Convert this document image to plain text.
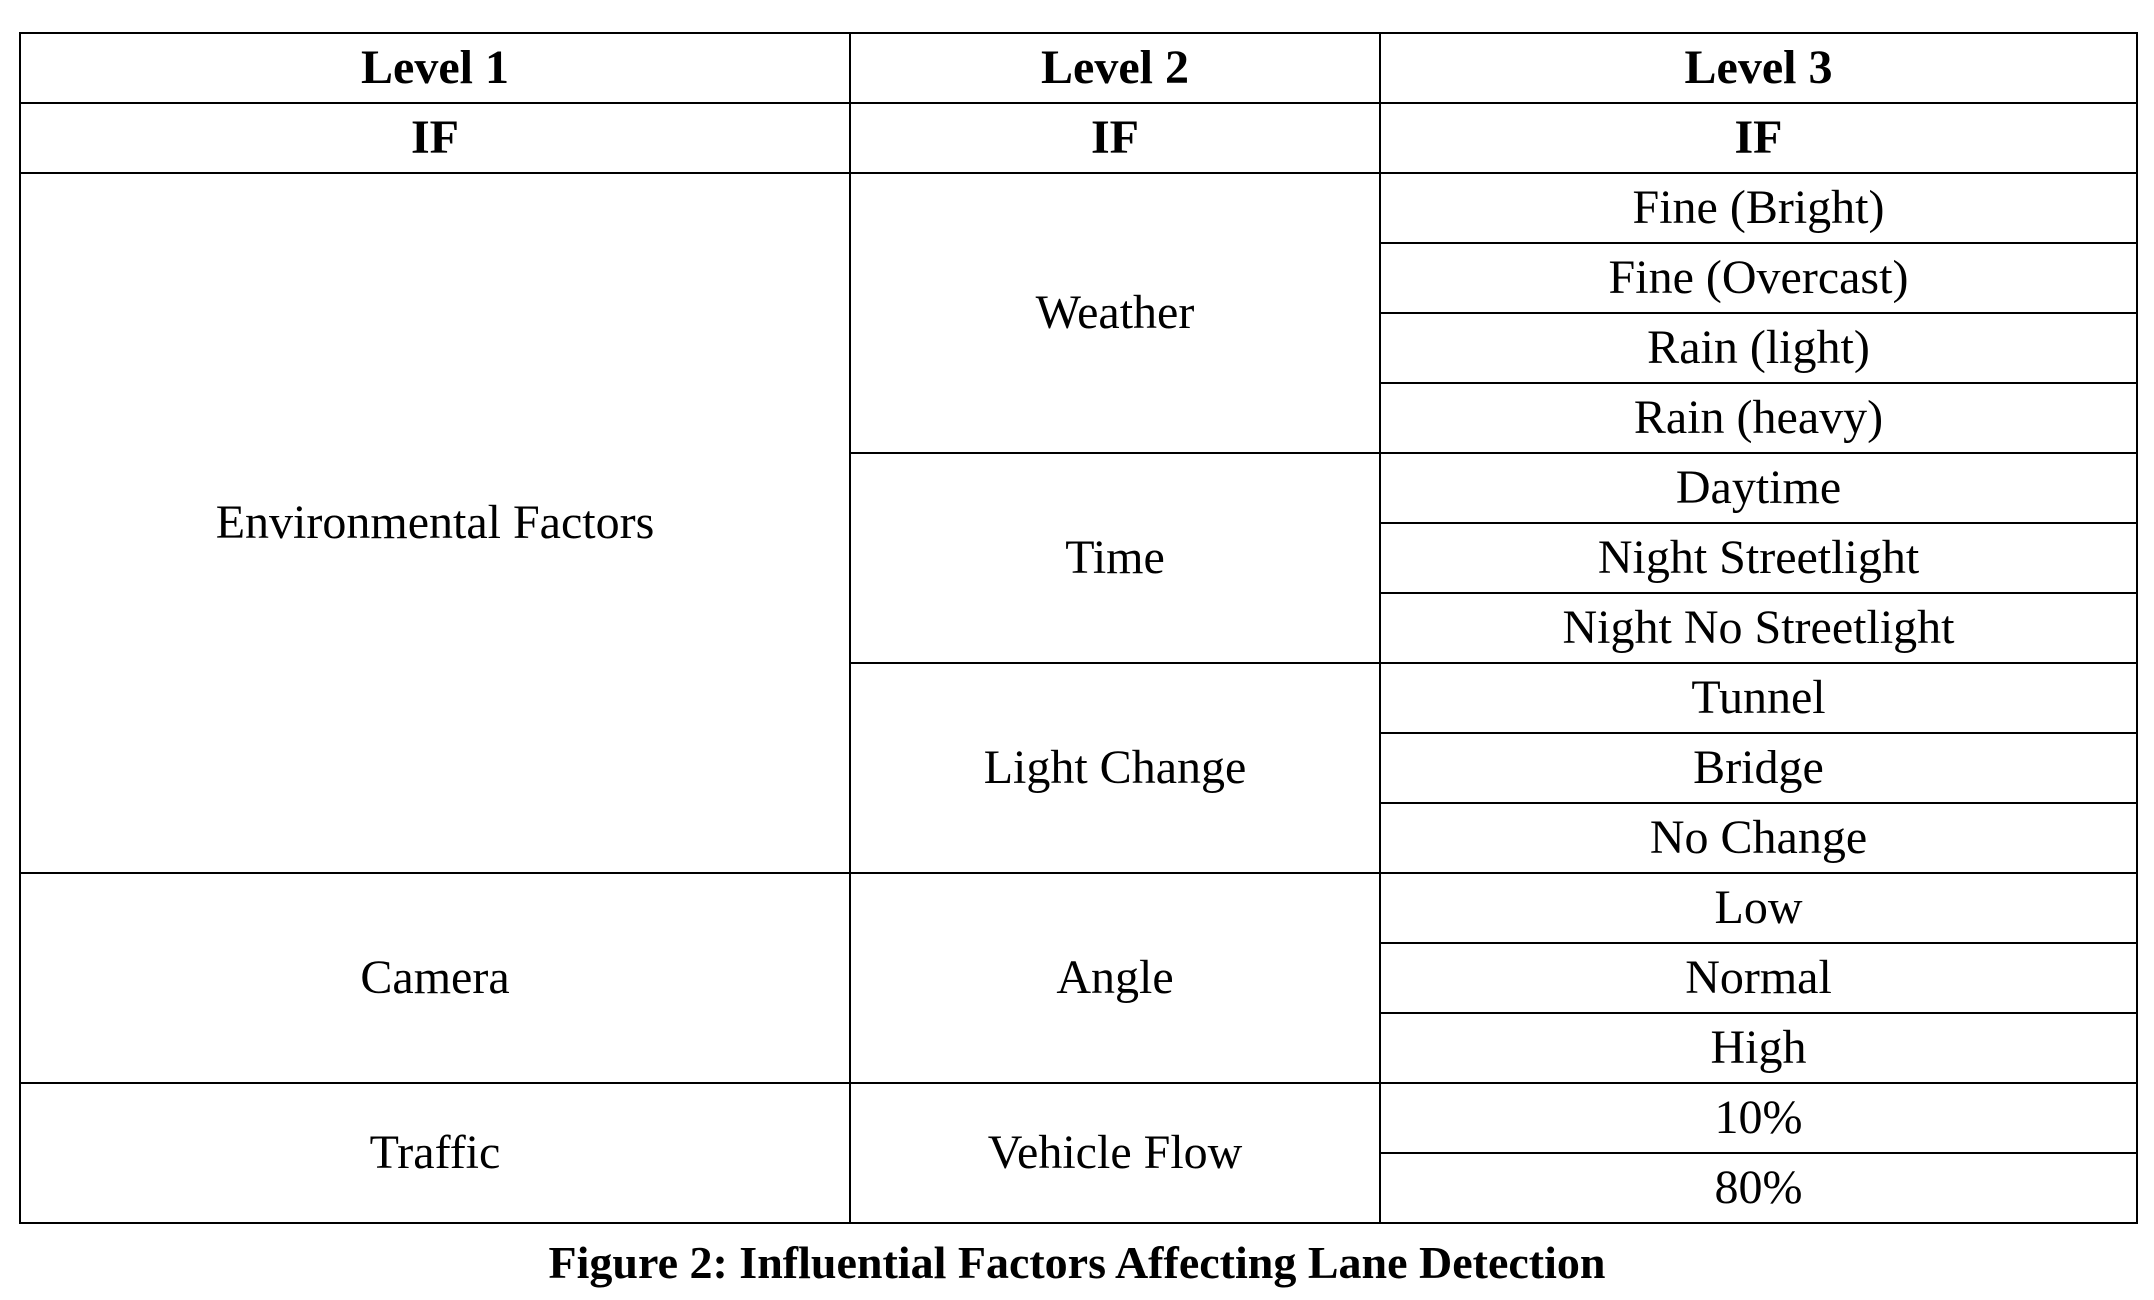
Level 1	Level 2	Level 3
IF	IF	IF
Environmental Factors	Weather	Fine (Bright)
		Fine (Overcast)
		Rain (light)
		Rain (heavy)
	Time	Daytime
		Night Streetlight
		Night No Streetlight
	Light Change	Tunnel
		Bridge
		No Change
Camera	Angle	Low
		Normal
		High
Traffic	Vehicle Flow	10%
		80%
Figure 2: Influential Factors Affecting Lane Detection
